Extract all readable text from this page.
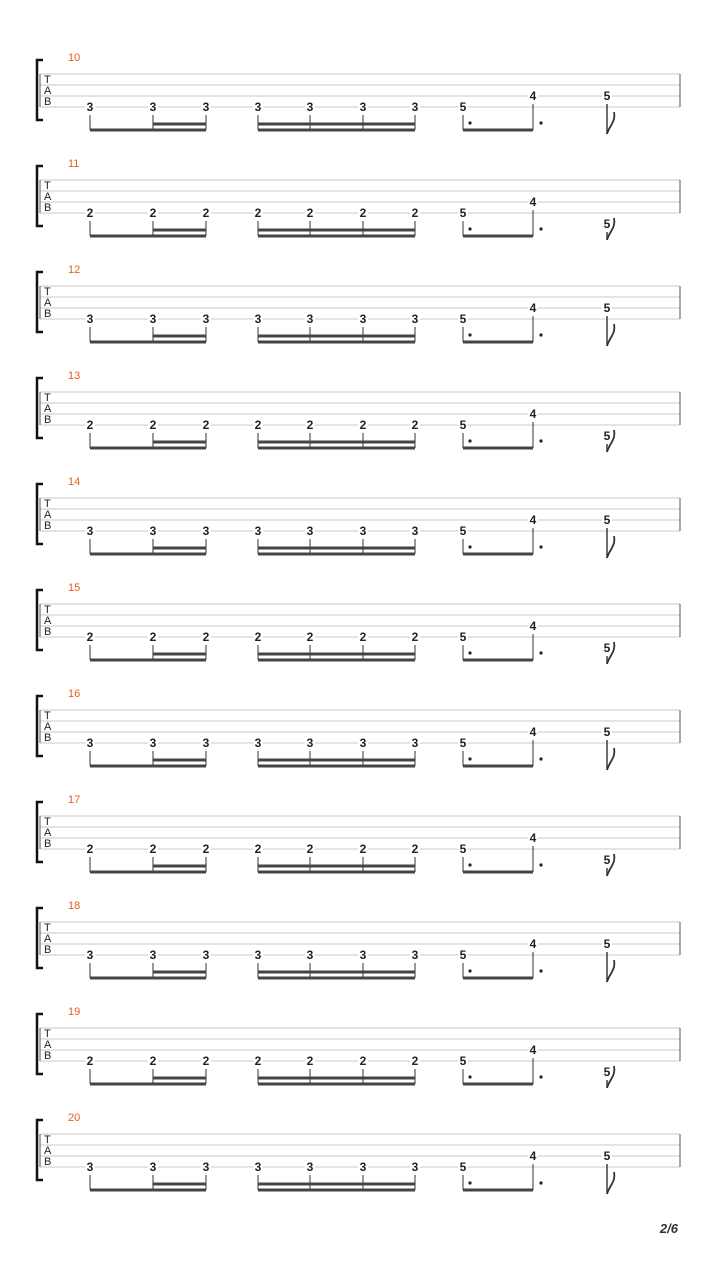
10
T
A
B	3	3	3	3	3	3	3	5
4	5
11
T
A
B	2	2	2	2	2	2	2	5
4
5
12
T
A
B	3	3	3	3	3	3	3	5
4	5
13
T
A
B	2	2	2	2	2	2	2	5
4
5
14
T
A
B	3	3	3	3	3	3	3	5
4	5
15
T
A
B	2	2	2	2	2	2	2	5
4
5
16
T
A
B	3	3	3	3	3	3	3	5
4	5
17
T
A
B	2	2	2	2	2	2	2	5
4
5
18
T
A
B	3	3	3	3	3	3	3	5
4	5
19
T
A
B	2	2	2	2	2	2	2	5
4
5
20
T
A
B	3	3	3	3	3	3	3	5
4	5
2/6
